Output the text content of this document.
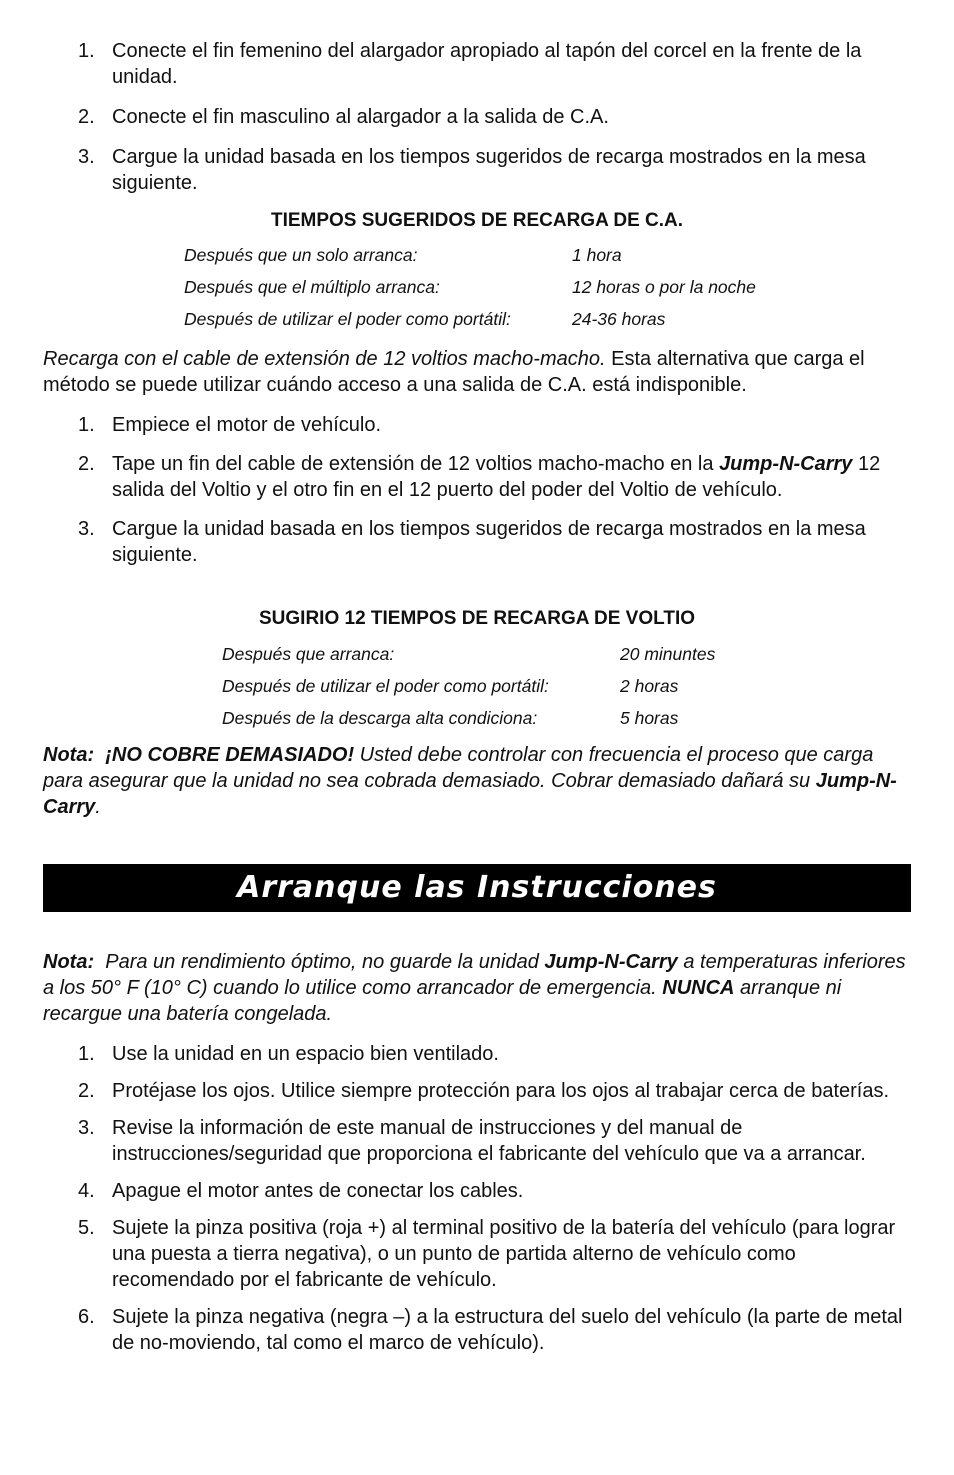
1. Conecte el fin femenino del alargador apropiado al tapón del corcel en la frente de la unidad.
2. Conecte el fin masculino al alargador a la salida de C.A.
3. Cargue la unidad basada en los tiempos sugeridos de recarga mostrados en la mesa siguiente.
TIEMPOS SUGERIDOS DE RECARGA DE C.A.
Después que un solo arranca:	1 hora
Después que el múltiplo arranca:	12 horas o por la noche
Después de utilizar el poder como portátil:	24-36 horas
Recarga con el cable de extensión de 12 voltios macho-macho. Esta alternativa que carga el método se puede utilizar cuándo acceso a una salida de C.A. está indisponible.
1. Empiece el motor de vehículo.
2. Tape un fin del cable de extensión de 12 voltios macho-macho en la Jump-N-Carry 12 salida del Voltio y el otro fin en el 12 puerto del poder del Voltio de vehículo.
3. Cargue la unidad basada en los tiempos sugeridos de recarga mostrados en la mesa siguiente.
SUGIRIO 12 TIEMPOS DE RECARGA DE VOLTIO
Después que arranca:	20 minuntes
Después de utilizar el poder como portátil:	2 horas
Después de la descarga alta condiciona:	5 horas
Nota: ¡NO COBRE DEMASIADO! Usted debe controlar con frecuencia el proceso que carga para asegurar que la unidad no sea cobrada demasiado. Cobrar demasiado dañará su Jump-N-Carry.
Arranque las Instrucciones
Nota: Para un rendimiento óptimo, no guarde la unidad Jump-N-Carry a temperaturas inferiores a los 50° F (10° C) cuando lo utilice como arrancador de emergencia. NUNCA arranque ni recargue una batería congelada.
1. Use la unidad en un espacio bien ventilado.
2. Protéjase los ojos. Utilice siempre protección para los ojos al trabajar cerca de baterías.
3. Revise la información de este manual de instrucciones y del manual de instrucciones/seguridad que proporciona el fabricante del vehículo que va a arrancar.
4. Apague el motor antes de conectar los cables.
5. Sujete la pinza positiva (roja +) al terminal positivo de la batería del vehículo (para lograr una puesta a tierra negativa), o un punto de partida alterno de vehículo como recomendado por el fabricante de vehículo.
6. Sujete la pinza negativa (negra –) a la estructura del suelo del vehículo (la parte de metal de no-moviendo, tal como el marco de vehículo).
